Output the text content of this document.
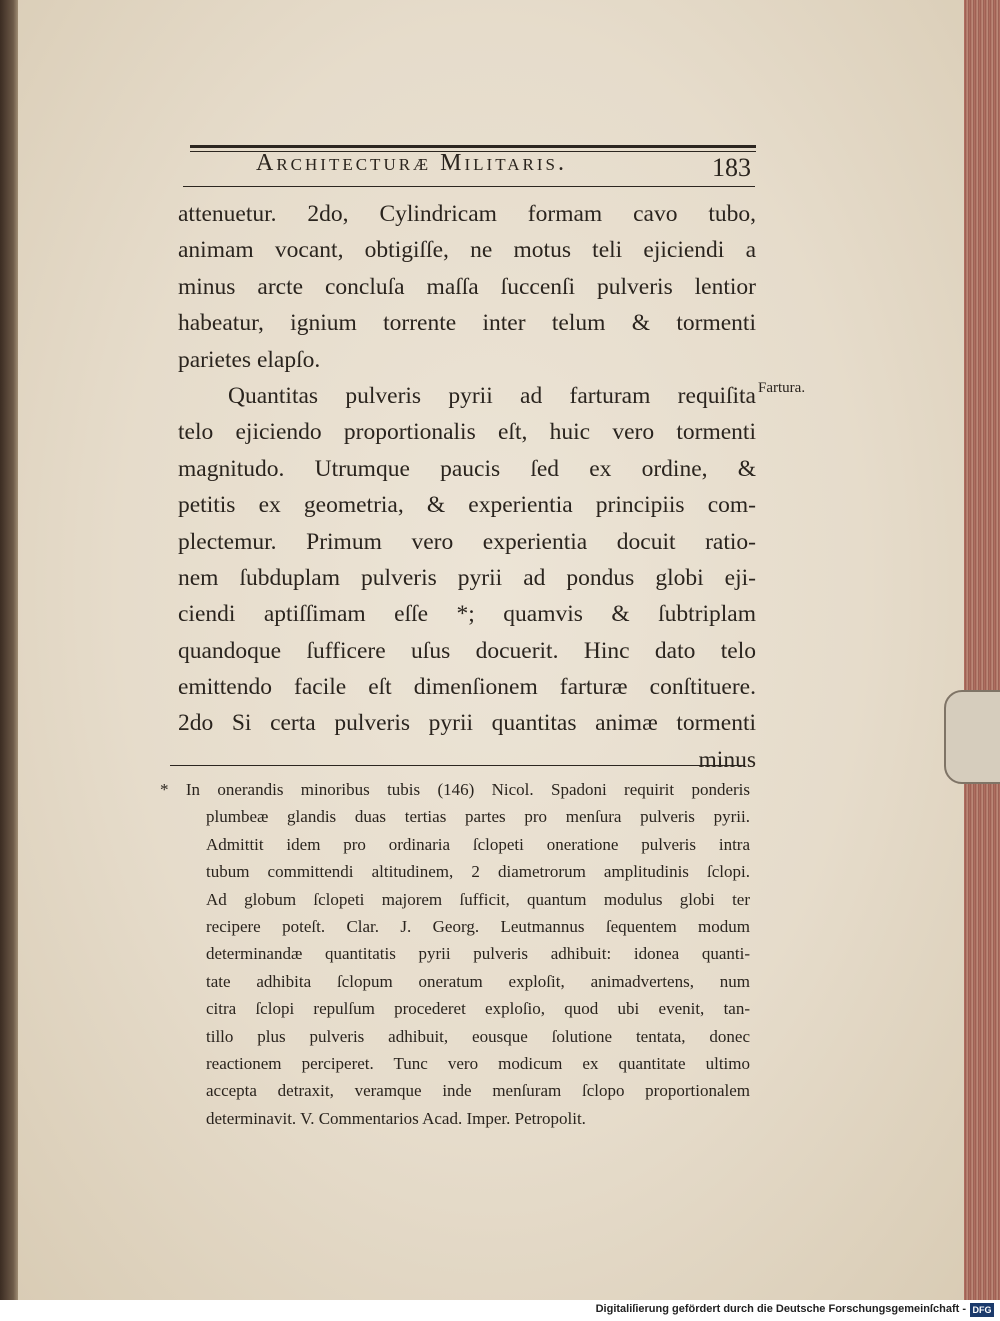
Architecturæ Militaris.	183
Fartura.
attenuetur. 2do, Cylindricam formam cavo tubo,
animam vocant, obtigiſſe, ne motus teli ejiciendi a
minus arcte concluſa maſſa ſuccenſi pulveris lentior
habeatur, ignium torrente inter telum & tormenti
parietes elapſo.
Quantitas pulveris pyrii ad farturam requiſita
telo ejiciendo proportionalis eſt, huic vero tormenti
magnitudo. Utrumque paucis ſed ex ordine, &
petitis ex geometria, & experientia principiis com-
plectemur. Primum vero experientia docuit ratio-
nem ſubduplam pulveris pyrii ad pondus globi eji-
ciendi aptiſſimam eſſe *; quamvis & ſubtriplam
quandoque ſufficere uſus docuerit. Hinc dato telo
emittendo facile eſt dimenſionem farturæ conſtituere.
2do Si certa pulveris pyrii quantitas animæ tormenti
minus
* In onerandis minoribus tubis (146) Nicol. Spadoni requirit ponderis
plumbeæ glandis duas tertias partes pro menſura pulveris pyrii.
Admittit idem pro ordinaria ſclopeti oneratione pulveris intra
tubum committendi altitudinem, 2 diametrorum amplitudinis ſclopi.
Ad globum ſclopeti majorem ſufficit, quantum modulus globi ter
recipere poteſt. Clar. J. Georg. Leutmannus ſequentem modum
determinandæ quantitatis pyrii pulveris adhibuit: idonea quanti-
tate adhibita ſclopum oneratum exploſit, animadvertens, num
citra ſclopi repulſum procederet exploſio, quod ubi evenit, tan-
tillo plus pulveris adhibuit, eousque ſolutione tentata, donec
reactionem perciperet. Tunc vero modicum ex quantitate ultimo
accepta detraxit, veramque inde menſuram ſclopo proportionalem
determinavit. V. Commentarios Acad. Imper. Petropolit.
Digitaliſierung gefördert durch die Deutsche Forschungsgemeinſchaft - DFG
